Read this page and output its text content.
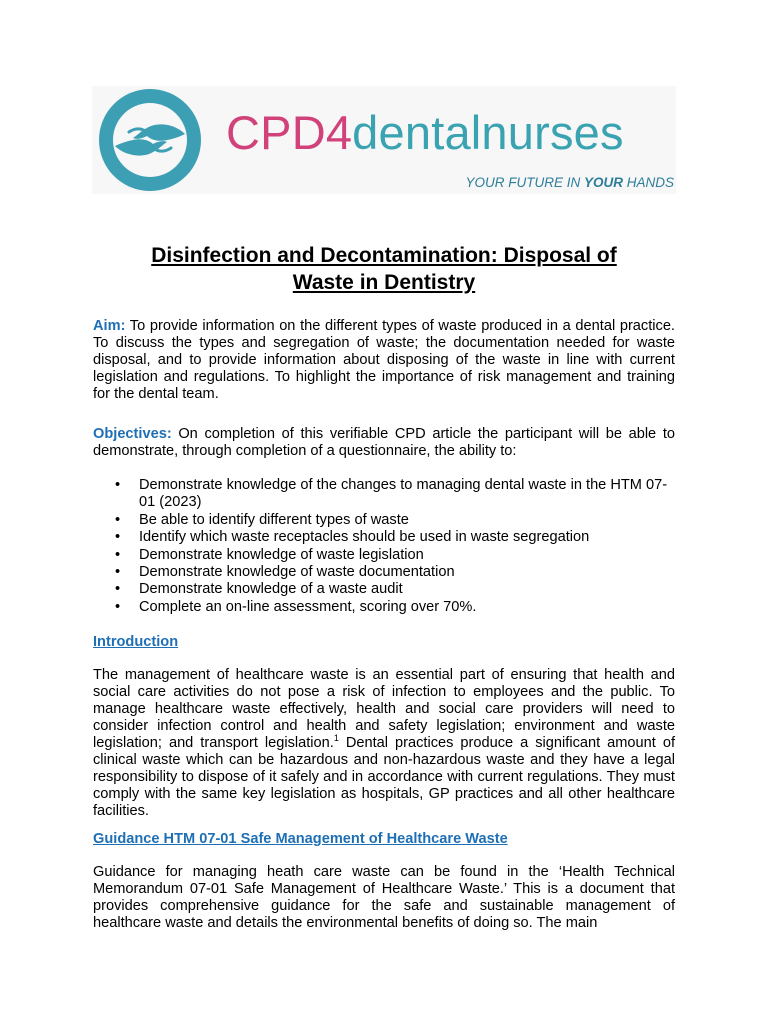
CPD4dentalnurses
YOUR FUTURE IN YOUR HANDS
Disinfection and Decontamination: Disposal of
Waste in Dentistry

Aim: To provide information on the different types of waste produced in a dental practice. To discuss the types and segregation of waste; the documentation needed for waste disposal, and to provide information about disposing of the waste in line with current legislation and regulations. To highlight the importance of risk management and training for the dental team.

Objectives: On completion of this verifiable CPD article the participant will be able to demonstrate, through completion of a questionnaire, the ability to:

• Demonstrate knowledge of the changes to managing dental waste in the HTM 07-01 (2023)
• Be able to identify different types of waste
• Identify which waste receptacles should be used in waste segregation
• Demonstrate knowledge of waste legislation
• Demonstrate knowledge of waste documentation
• Demonstrate knowledge of a waste audit
• Complete an on-line assessment, scoring over 70%.
Introduction

The management of healthcare waste is an essential part of ensuring that health and social care activities do not pose a risk of infection to employees and the public. To manage healthcare waste effectively, health and social care providers will need to consider infection control and health and safety legislation; environment and waste legislation; and transport legislation.$^1$ Dental practices produce a significant amount of clinical waste which can be hazardous and non-hazardous waste and they have a legal responsibility to dispose of it safely and in accordance with current regulations. They must comply with the same key legislation as hospitals, GP practices and all other healthcare facilities.

Guidance HTM 07-01 Safe Management of Healthcare Waste

Guidance for managing heath care waste can be found in the ‘Health Technical Memorandum 07-01 Safe Management of Healthcare Waste.’ This is a document that provides comprehensive guidance for the safe and sustainable management of healthcare waste and details the environmental benefits of doing so. The main
